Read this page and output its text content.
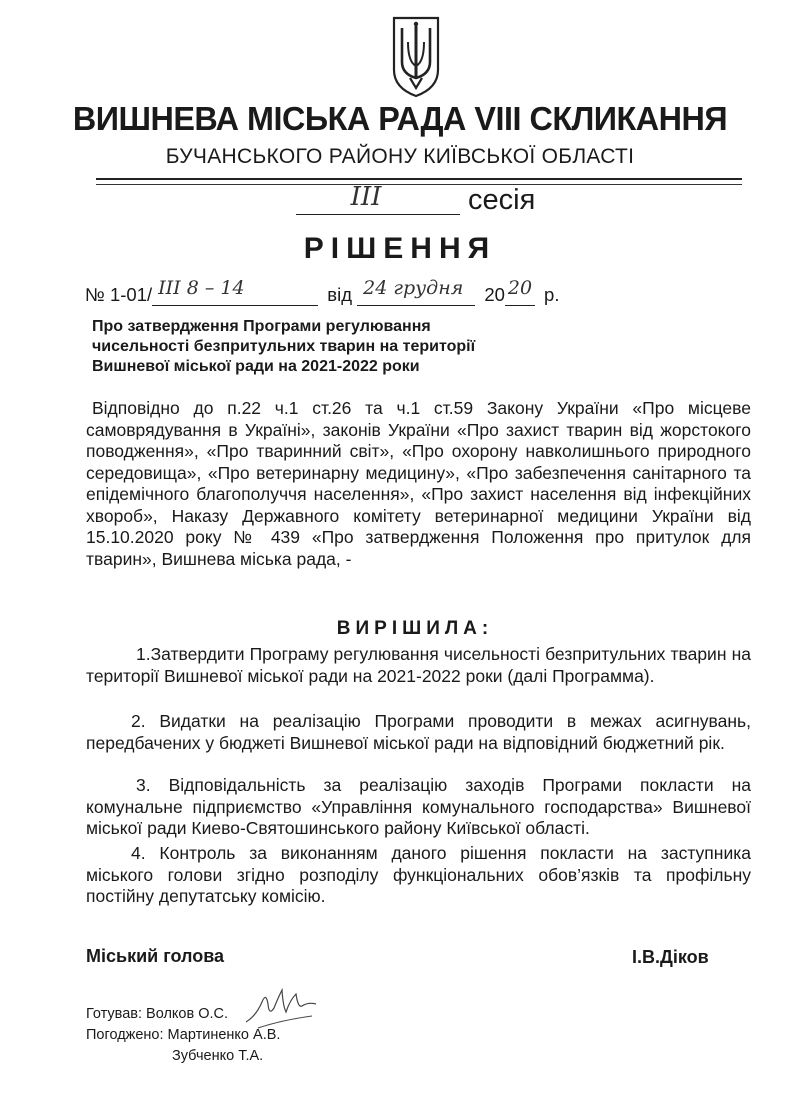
ВИШНЕВА МІСЬКА РАДА VIII СКЛИКАННЯ
БУЧАНСЬКОГО РАЙОНУ КИЇВСЬКОЇ ОБЛАСТІ
III	сесія
РІШЕННЯ
№ 1-01/ III 8 – 14	від 24 грудня 20 20 р.
Про затвердження Програми регулювання
чисельності безпритульних тварин на території
Вишневої міської ради на 2021-2022 роки
Відповідно до п.22 ч.1 ст.26 та ч.1 ст.59 Закону України «Про місцеве самоврядування в Україні», законів України «Про захист тварин від жорстокого поводження», «Про тваринний світ», «Про охорону навколишнього природного середовища», «Про ветеринарну медицину», «Про забезпечення санітарного та епідемічного благополуччя населення», «Про захист населення від інфекційних хвороб», Наказу Державного комітету ветеринарної медицини України від 15.10.2020 року № 439 «Про затвердження Положення про притулок для тварин», Вишнева міська рада, -
ВИРІШИЛА:
1.Затвердити Програму регулювання чисельності безпритульних тварин на території Вишневої міської ради на 2021-2022 роки (далі Программа).
2. Видатки на реалізацію Програми проводити в межах асигнувань, передбачених у бюджеті Вишневої міської ради на відповідний бюджетний рік.
3. Відповідальність за реалізацію заходів Програми покласти на комунальне підприємство «Управління комунального господарства» Вишневої міської ради Киево-Святошинського району Київської області.
4. Контроль за виконанням даного рішення покласти на заступника міського голови згідно розподілу функціональних обов’язків та профільну постійну депутатську комісію.
Міський голова	І.В.Діков
Готував: Волков О.С.
Погоджено: Мартиненко А.В.
Зубченко Т.А.
